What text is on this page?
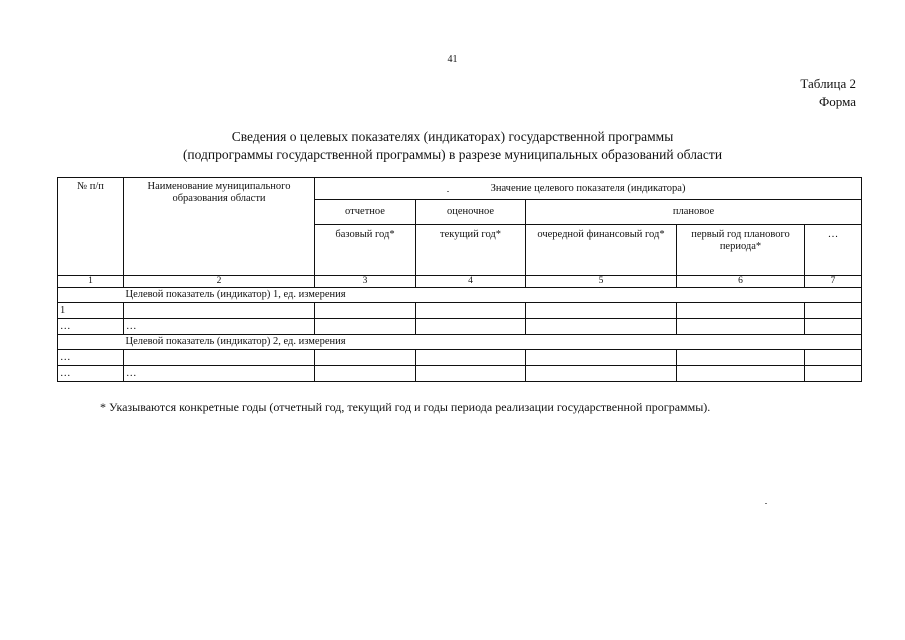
41
Таблица 2
Форма
Сведения о целевых показателях (индикаторах) государственной программы
(подпрограммы государственной программы) в разрезе муниципальных образований области
№ п/п	Наименование муниципального образования области	Значение целевого показателя (индикатора)				
		отчетное	оценочное	плановое		
		базовый год*	текущий год*	очередной финансовый год*	первый год планового периода*	…
1	2	3	4	5	6	7
	Целевой показатель (индикатор) 1, ед. измерения					
1						
…	…					
	Целевой показатель (индикатор) 2, ед. измерения					
…						
…	…					
* Указываются конкретные годы (отчетный год, текущий год и годы периода реализации государственной программы).
